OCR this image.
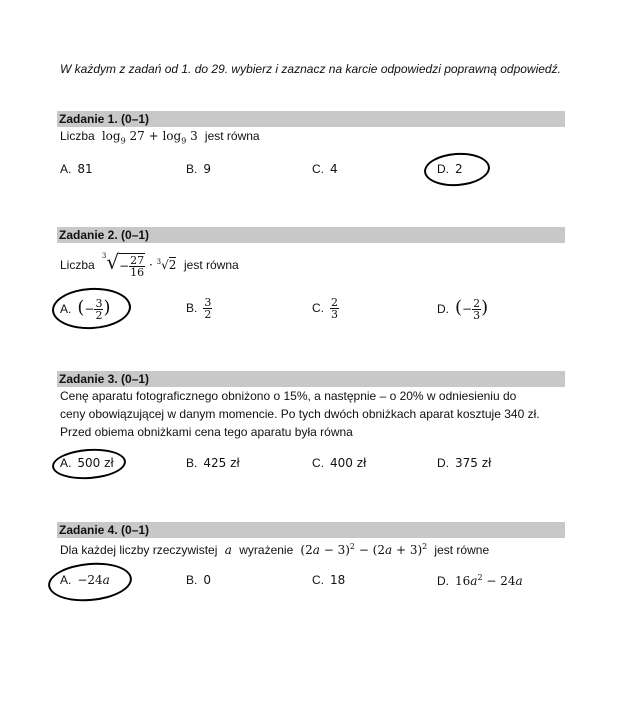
W każdym z zadań od 1. do 29. wybierz i zaznacz na karcie odpowiedzi poprawną odpowiedź.
Zadanie 1. (0–1)
Liczba  $\log_9 27 + \log_9 3$  jest równa
A. 81	B. 9	C. 4	D. 2
Zadanie 2. (0–1)
Liczba  $^3√- \frac{27}{16} \cdot ^3√2$ jest równa
A. (− $\frac{3}{2}$ )	B. $\frac{3}{2}$	C. $\frac{2}{3}$	D. (− $\frac{2}{3}$ )
Zadanie 3. (0–1)
Cenę aparatu fotograficznego obniżono o 15%, a następnie – o 20% w odniesieniu do
ceny obowiązującej w danym momencie. Po tych dwóch obniżkach aparat kosztuje 340 zł.
Przed obiema obniżkami cena tego aparatu była równa
A. 500 zł	B. 425 zł	C. 400 zł	D. 375 zł
Zadanie 4. (0–1)
Dla każdej liczby rzeczywistej a wyrażenie  $(2a - 3)^2 - (2a + 3)^2$ jest równe
A. −24a	B. 0	C. 18	D. $16a^2 - 24a$
